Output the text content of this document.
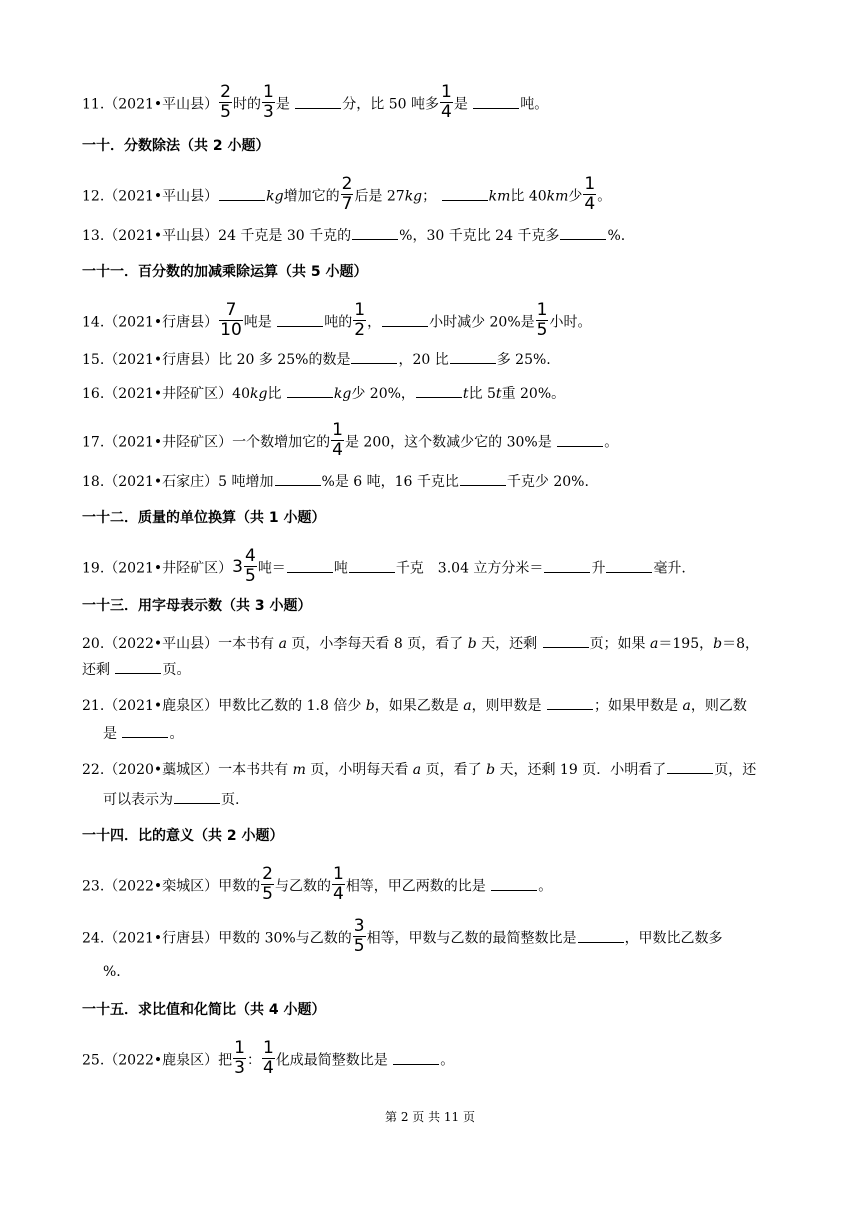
11.（2021•平山县） $\frac{2}{5}$ 时的 $\frac{1}{3}$ 是	分，比 50 吨多 $\frac{1}{4}$ 是	吨。
一十．分数除法（共 2 小题）
12.（2021•平山县）	kg增加它的 $\frac{2}{7}$ 后是 27kg；	km比 40km少 $\frac{1}{4}$ 。
13.（2021•平山县）24 千克是 30 千克的	%，30 千克比 24 千克多	%.
一十一．百分数的加减乘除运算（共 5 小题）
14.（2021•行唐县） $\frac{7}{10}$ 吨是	吨的 $\frac{1}{2}$ ，	小时减少 20%是 $\frac{1}{5}$ 小时。
15.（2021•行唐县）比 20 多 25%的数是	，20 比	多 25%.
16.（2021•井陉矿区）40kg比	kg少 20%，	t比 5t重 20%。
17.（2021•井陉矿区）一个数增加它的 $\frac{1}{4}$ 是 200，这个数减少它的 30%是	。
18.（2021•石家庄）5 吨增加	%是 6 吨，16 千克比	千克少 20%.
一十二．质量的单位换算（共 1 小题）
19.（2021•井陉矿区）$3 \frac{4}{5}$ 吨＝	吨	千克　3.04 立方分米＝	升	毫升.
一十三．用字母表示数（共 3 小题）
20.（2022•平山县）一本书有 a 页，小李每天看 8 页，看了 b 天，还剩	页；如果 a＝195，b＝8，
还剩	页。
21.（2021•鹿泉区）甲数比乙数的 1.8 倍少 b，如果乙数是 a，则甲数是	；如果甲数是 a，则乙数
是	。
22.（2020•藁城区）一本书共有 m 页，小明每天看 a 页，看了 b 天，还剩 19 页．小明看了	页，还
可以表示为	页.
一十四．比的意义（共 2 小题）
23.（2022•栾城区）甲数的 $\frac{2}{5}$ 与乙数的 $\frac{1}{4}$ 相等，甲乙两数的比是	。
24.（2021•行唐县）甲数的 30%与乙数的 $\frac{3}{5}$ 相等，甲数与乙数的最简整数比是	，甲数比乙数多
%.
一十五．求比值和化简比（共 4 小题）
25.（2022•鹿泉区）把 $\frac{1}{3}$ ： $\frac{1}{4}$ 化成最简整数比是	。
第 2 页 共 11 页
